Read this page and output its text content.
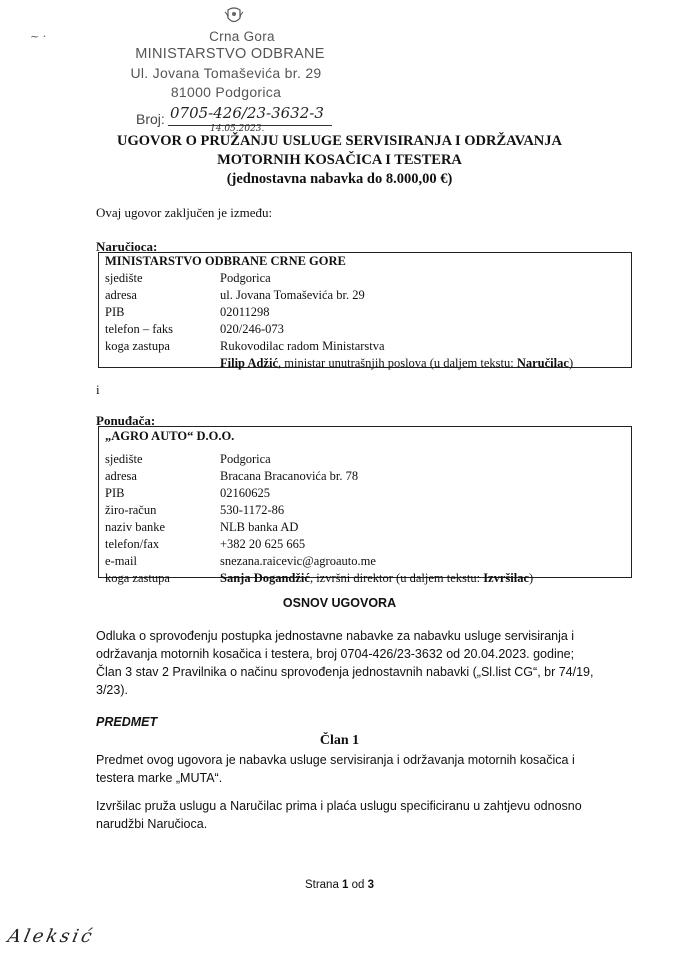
~ ·	Crna Gora
MINISTARSTVO ODBRANE
Ul. Jovana Tomaševića br. 29
81000 Podgorica
Broj: 0705-426/23-3632-3
14.05.2023.
UGOVOR O PRUŽANJU USLUGE SERVISIRANJA I ODRŽAVANJA
MOTORNIH KOSAČICA I TESTERA
(jednostavna nabavka do 8.000,00 €)
Ovaj ugovor zaključen je između:
Naručioca:
MINISTARSTVO ODBRANE CRNE GORE
sjedište	Podgorica
adresa	ul. Jovana Tomaševića br. 29
PIB	02011298
telefon – faks	020/246-073
koga zastupa	Rukovodilac radom Ministarstva
	Filip Adžić, ministar unutrašnjih poslova (u daljem tekstu: Naručilac)
i
Ponuđača:
„AGRO AUTO“ D.O.O.
sjedište	Podgorica
adresa	Bracana Bracanovića br. 78
PIB	02160625
žiro-račun	530-1172-86
naziv banke	NLB banka AD
telefon/fax	+382 20 625 665
e-mail	snezana.raicevic@agroauto.me
koga zastupa	Sanja Dogandžić, izvršni direktor (u daljem tekstu: Izvršilac)
OSNOV UGOVORA
Odluka o sprovođenju postupka jednostavne nabavke za nabavku usluge servisiranja i
održavanja motornih kosačica i testera, broj 0704-426/23-3632 od 20.04.2023. godine;
Član 3 stav 2 Pravilnika o načinu sprovođenja jednostavnih nabavki („Sl.list CG“, br 74/19,
3/23).
PREDMET
Član 1
Predmet ovog ugovora je nabavka usluge servisiranja i održavanja motornih kosačica i
testera marke „MUTA“.
Izvršilac pruža uslugu a Naručilac prima i plaća uslugu specificiranu u zahtjevu odnosno
narudžbi Naručioca.
Strana 1 od 3
Aleksić
